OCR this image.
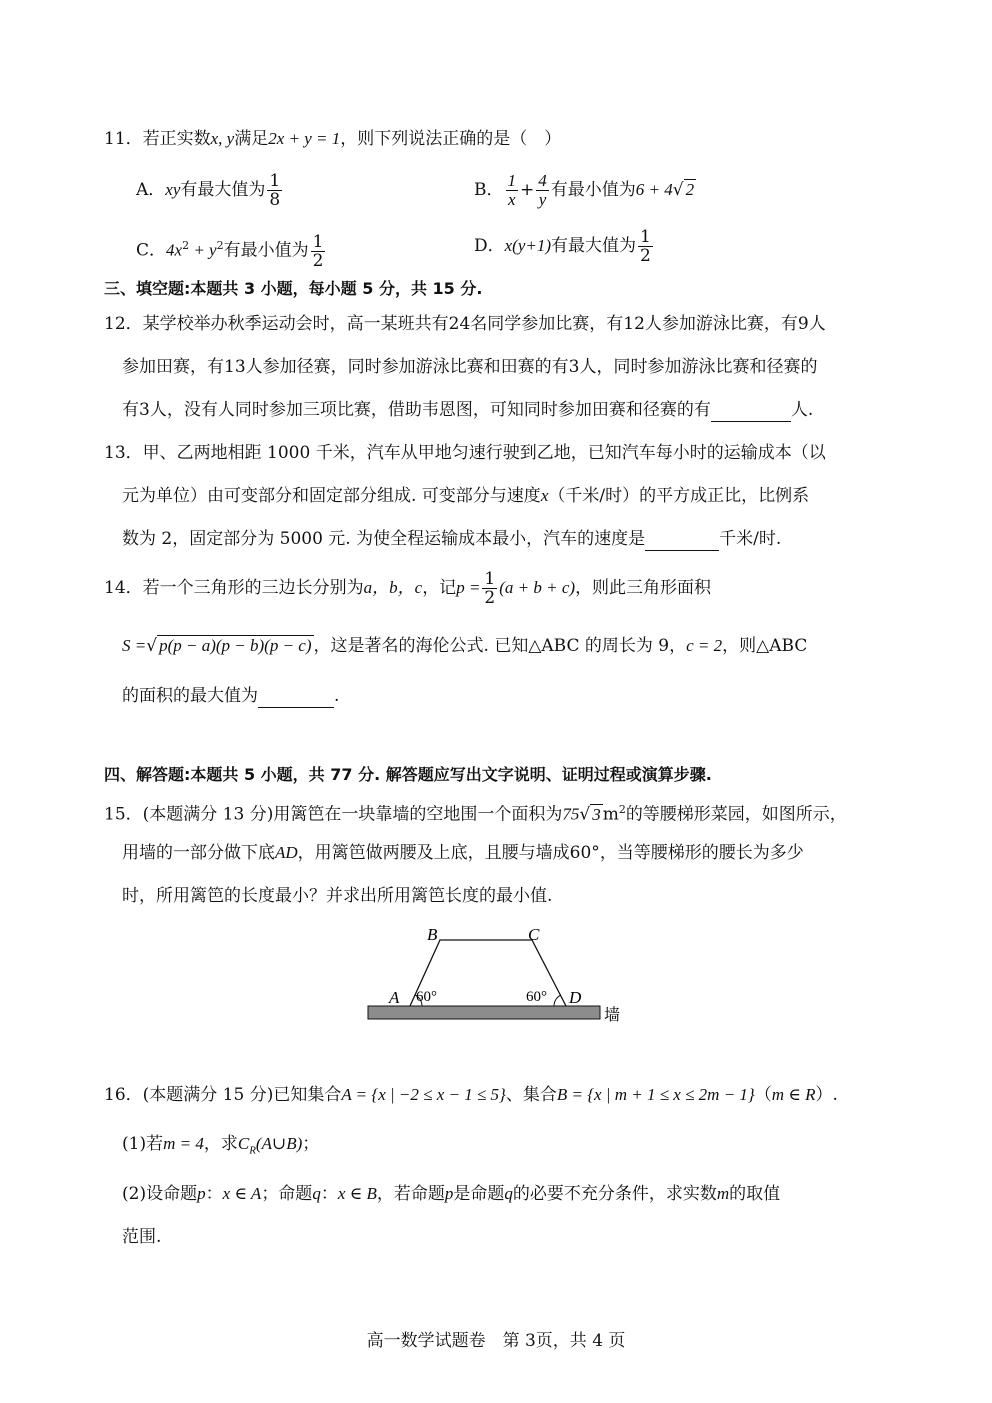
11．若正实数x, y满足2x + y = 1，则下列说法正确的是（　）
A．xy有最大值为 $\frac{1}{8}$	B． $\frac{1}{x} + \frac{4}{y}$ 有最小值为6 + 4√ 2
C．$4x^2 + y^2$有最小值为 $\frac{1}{2}$	D．x(y+1)有最大值为 $\frac{1}{2}$
三、填空题:本题共 3 小题，每小题 5 分，共 15 分.
12．某学校举办秋季运动会时，高一某班共有24名同学参加比赛，有12人参加游泳比赛，有9人
参加田赛，有13人参加径赛，同时参加游泳比赛和田赛的有3人，同时参加游泳比赛和径赛的
有3人，没有人同时参加三项比赛，借助韦恩图，可知同时参加田赛和径赛的有	人.
13．甲、乙两地相距 1000 千米，汽车从甲地匀速行驶到乙地，已知汽车每小时的运输成本（以
元为单位）由可变部分和固定部分组成. 可变部分与速度x（千米/时）的平方成正比，比例系
数为 2，固定部分为 5000 元. 为使全程运输成本最小，汽车的速度是	千米/时.
14．若一个三角形的三边长分别为a，b，c，记$p = \frac{1}{2} (a + b + c)$，则此三角形面积
S =√ p(p − a)(p − b)(p − c) ，这是著名的海伦公式. 已知△ABC 的周长为 9，c = 2，则△ABC
的面积的最大值为	.
四、解答题:本题共 5 小题，共 77 分. 解答题应写出文字说明、证明过程或演算步骤.
15．(本题满分 13 分)用篱笆在一块靠墙的空地围一个面积为75√ 3 $m^2$的等腰梯形菜园，如图所示，
用墙的一部分做下底AD，用篱笆做两腰及上底，且腰与墙成60°，当等腰梯形的腰长为多少
时，所用篱笆的长度最小？并求出所用篱笆长度的最小值.
A
B	C
D
60°	60°
墙
16．(本题满分 15 分)已知集合A = {x | −2 ≤ x − 1 ≤ 5}、集合B = {x | m + 1 ≤ x ≤ 2m − 1}（m ∈ R）.
(1)若m = 4，求$C_R(A\cup B)$；
(2)设命题p：x ∈ A；命题q：x ∈ B，若命题p是命题q的必要不充分条件，求实数m的取值
范围.
高一数学试题卷　第 3页，共 4 页
